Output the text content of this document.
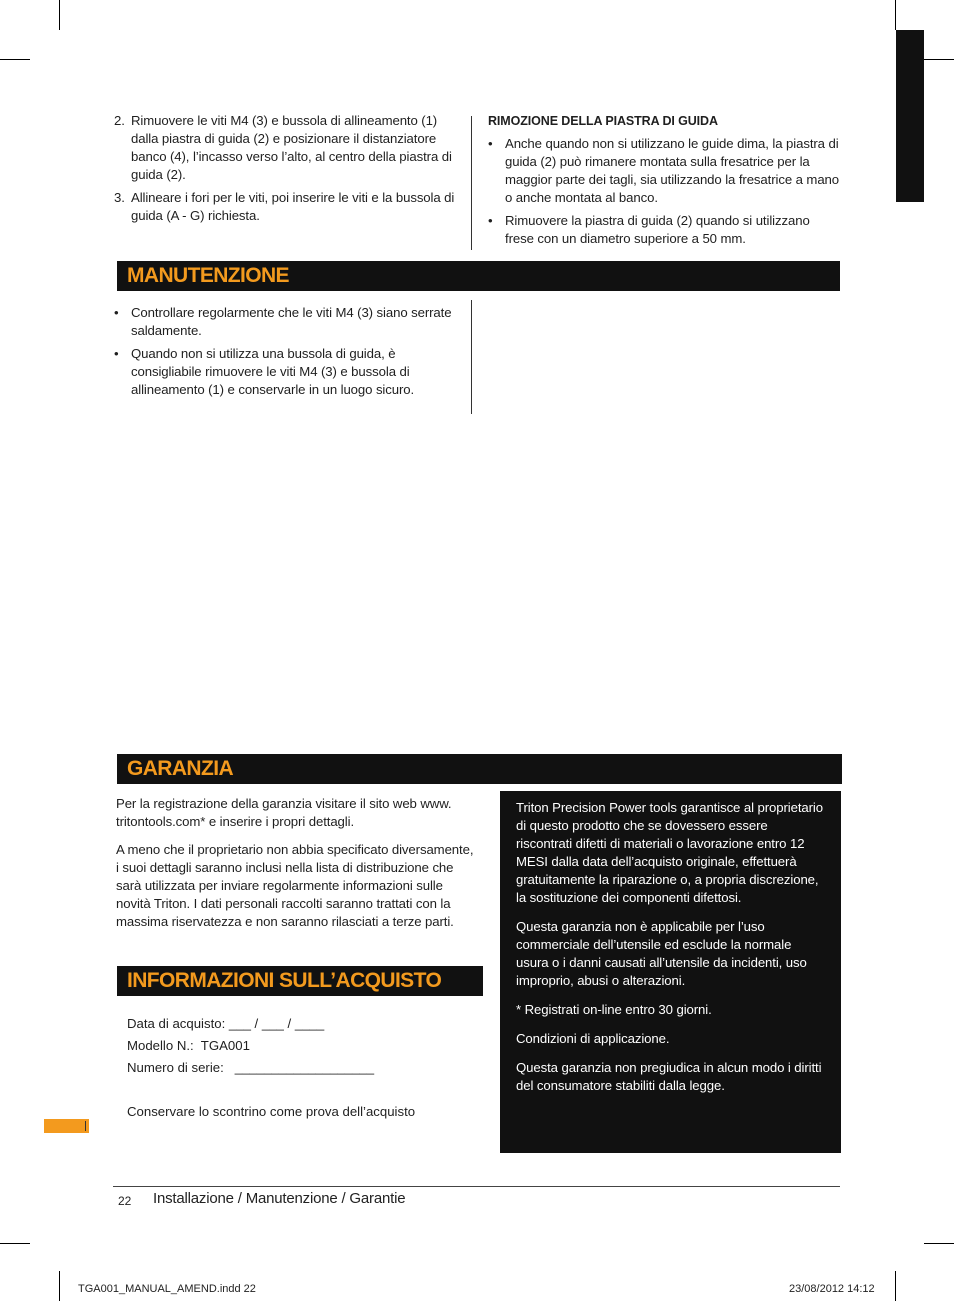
2. Rimuovere le viti M4 (3) e bussola di allineamento (1) dalla piastra di guida (2) e posizionare il distanziatore banco (4), l’incasso verso l’alto, al centro della piastra di guida (2).
3. Allineare i fori per le viti, poi inserire le viti e la bussola di guida (A - G) richiesta.
RIMOZIONE DELLA PIASTRA DI GUIDA
• Anche quando non si utilizzano le guide dima, la piastra di guida (2) può rimanere montata sulla fresatrice per la maggior parte dei tagli, sia utilizzando la fresatrice a mano o anche montata al banco.
• Rimuovere la piastra di guida (2) quando si utilizzano frese con un diametro superiore a 50 mm.
MANUTENZIONE
• Controllare regolarmente che le viti M4 (3) siano serrate saldamente.
• Quando non si utilizza una bussola di guida, è consigliabile rimuovere le viti M4 (3) e bussola di allineamento (1) e conservarle in un luogo sicuro.
GARANZIA

Per la registrazione della garanzia visitare il sito web www. tritontools.com* e inserire i propri dettagli.

A meno che il proprietario non abbia specificato diversamente, i suoi dettagli saranno inclusi nella lista di distribuzione che sarà utilizzata per inviare regolarmente informazioni sulle novità Triton. I dati personali raccolti saranno trattati con la massima riservatezza e non saranno rilasciati a terze parti.

INFORMAZIONI SULL’ACQUISTO
Data di acquisto: ___ / ___ / ____
Modello N.:  TGA001
Numero di serie:   ___________________
Conservare lo scontrino come prova dell’acquisto

Triton Precision Power tools garantisce al proprietario di questo prodotto che se dovessero essere riscontrati difetti di materiali o lavorazione entro 12 MESI dalla data dell’acquisto originale, effettuerà gratuitamente la riparazione o, a propria discrezione, la sostituzione dei componenti difettosi.

Questa garanzia non è applicabile per l’uso commerciale dell’utensile ed esclude la normale usura o i danni causati all’utensile da incidenti, uso improprio, abusi o alterazioni.

* Registrati on-line entro 30 giorni.

Condizioni di applicazione.

Questa garanzia non pregiudica in alcun modo i diritti del consumatore stabiliti dalla legge.

22 Installazione / Manutenzione / Garantie
TGA001_MANUAL_AMEND.indd 22	23/08/2012 14:12
